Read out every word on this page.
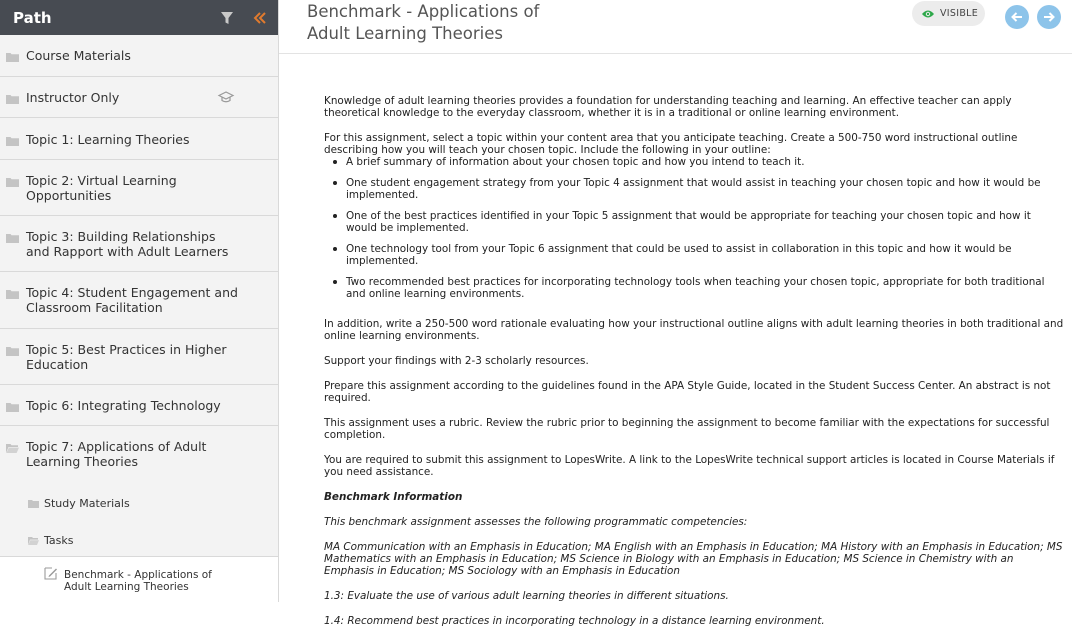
Path
Course Materials
Instructor Only
Topic 1: Learning Theories
Topic 2: Virtual Learning Opportunities
Topic 3: Building Relationships and Rapport with Adult Learners
Topic 4: Student Engagement and Classroom Facilitation
Topic 5: Best Practices in Higher Education
Topic 6: Integrating Technology
Topic 7: Applications of Adult Learning Theories
Study Materials
Tasks
Benchmark - Applications of Adult Learning Theories
Benchmark - Applications of Adult Learning Theories
VISIBLE

Knowledge of adult learning theories provides a foundation for understanding teaching and learning. An effective teacher can apply theoretical knowledge to the everyday classroom, whether it is in a traditional or online learning environment.

For this assignment, select a topic within your content area that you anticipate teaching. Create a 500-750 word instructional outline describing how you will teach your chosen topic. Include the following in your outline:

A brief summary of information about your chosen topic and how you intend to teach it.
One student engagement strategy from your Topic 4 assignment that would assist in teaching your chosen topic and how it would be implemented.
One of the best practices identified in your Topic 5 assignment that would be appropriate for teaching your chosen topic and how it would be implemented.
One technology tool from your Topic 6 assignment that could be used to assist in collaboration in this topic and how it would be implemented.
Two recommended best practices for incorporating technology tools when teaching your chosen topic, appropriate for both traditional and online learning environments.

In addition, write a 250-500 word rationale evaluating how your instructional outline aligns with adult learning theories in both traditional and online learning environments.

Support your findings with 2-3 scholarly resources.

Prepare this assignment according to the guidelines found in the APA Style Guide, located in the Student Success Center. An abstract is not required.

This assignment uses a rubric. Review the rubric prior to beginning the assignment to become familiar with the expectations for successful completion.

You are required to submit this assignment to LopesWrite. A link to the LopesWrite technical support articles is located in Course Materials if you need assistance.

Benchmark Information

This benchmark assignment assesses the following programmatic competencies:

MA Communication with an Emphasis in Education; MA English with an Emphasis in Education; MA History with an Emphasis in Education; MS Mathematics with an Emphasis in Education; MS Science in Biology with an Emphasis in Education; MS Science in Chemistry with an Emphasis in Education; MS Sociology with an Emphasis in Education

1.3: Evaluate the use of various adult learning theories in different situations.

1.4: Recommend best practices in incorporating technology in a distance learning environment.
